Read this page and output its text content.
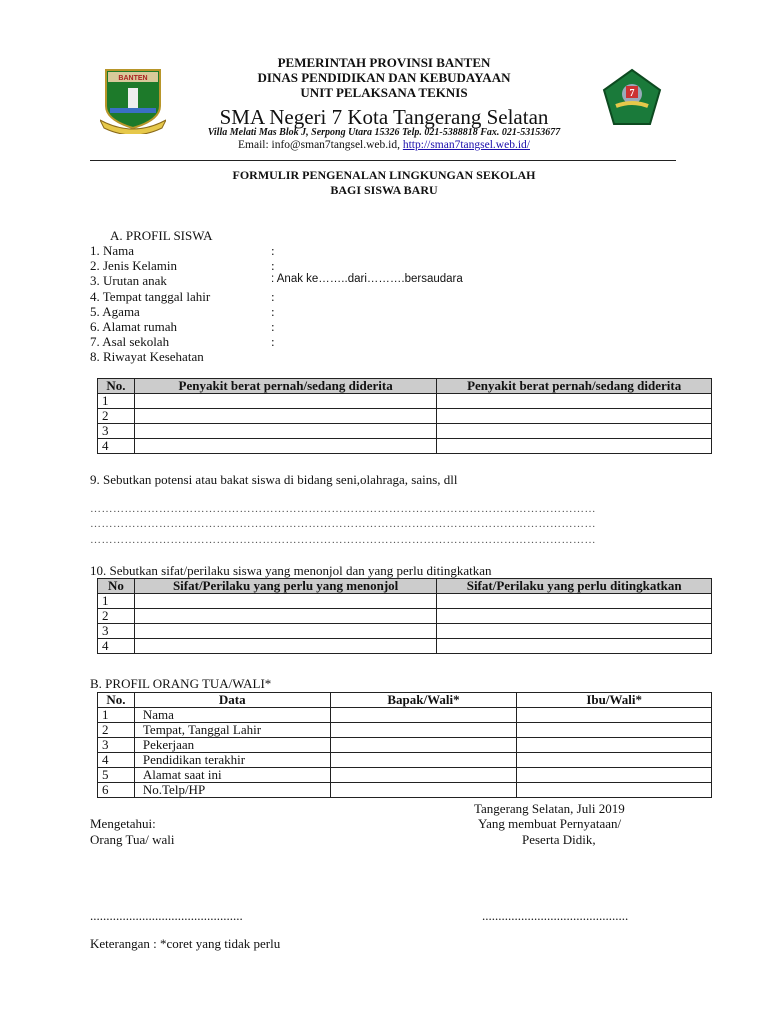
BANTEN
7
PEMERINTAH PROVINSI BANTEN
DINAS PENDIDIKAN DAN KEBUDAYAAN
UNIT PELAKSANA TEKNIS
SMA Negeri 7 Kota Tangerang Selatan
Villa Melati Mas Blok J, Serpong Utara 15326 Telp. 021-5388818 Fax. 021-53153677
Email: info@sman7tangsel.web.id, http://sman7tangsel.web.id/
FORMULIR PENGENALAN LINGKUNGAN SEKOLAH
BAGI SISWA BARU
A. PROFIL SISWA
1. Nama	:
2. Jenis Kelamin	:
3. Urutan anak	: Anak ke……..dari……….bersaudara
4. Tempat tanggal lahir	:
5. Agama	:
6. Alamat rumah	:
7. Asal sekolah	:
8. Riwayat Kesehatan
No.	Penyakit berat pernah/sedang diderita	Penyakit berat pernah/sedang diderita
1		
2		
3		
4		
9. Sebutkan potensi atau bakat siswa di bidang seni,olahraga, sains, dll
……………………………………………………………………………………………………………………
……………………………………………………………………………………………………………………
……………………………………………………………………………………………………………………
10. Sebutkan sifat/perilaku siswa yang menonjol dan yang perlu ditingkatkan
No	Sifat/Perilaku yang perlu yang menonjol	Sifat/Perilaku yang perlu ditingkatkan
1		
2		
3		
4		
B. PROFIL ORANG TUA/WALI*
No.	Data	Bapak/Wali*	Ibu/Wali*
1	Nama		
2	Tempat, Tanggal Lahir		
3	Pekerjaan		
4	Pendidikan terakhir		
5	Alamat saat ini		
6	No.Telp/HP		
Tangerang Selatan, Juli 2019
Mengetahui:	Yang membuat Pernyataan/
Orang Tua/ wali	Peserta Didik,
...............................................	.............................................
Keterangan : *coret yang tidak perlu
